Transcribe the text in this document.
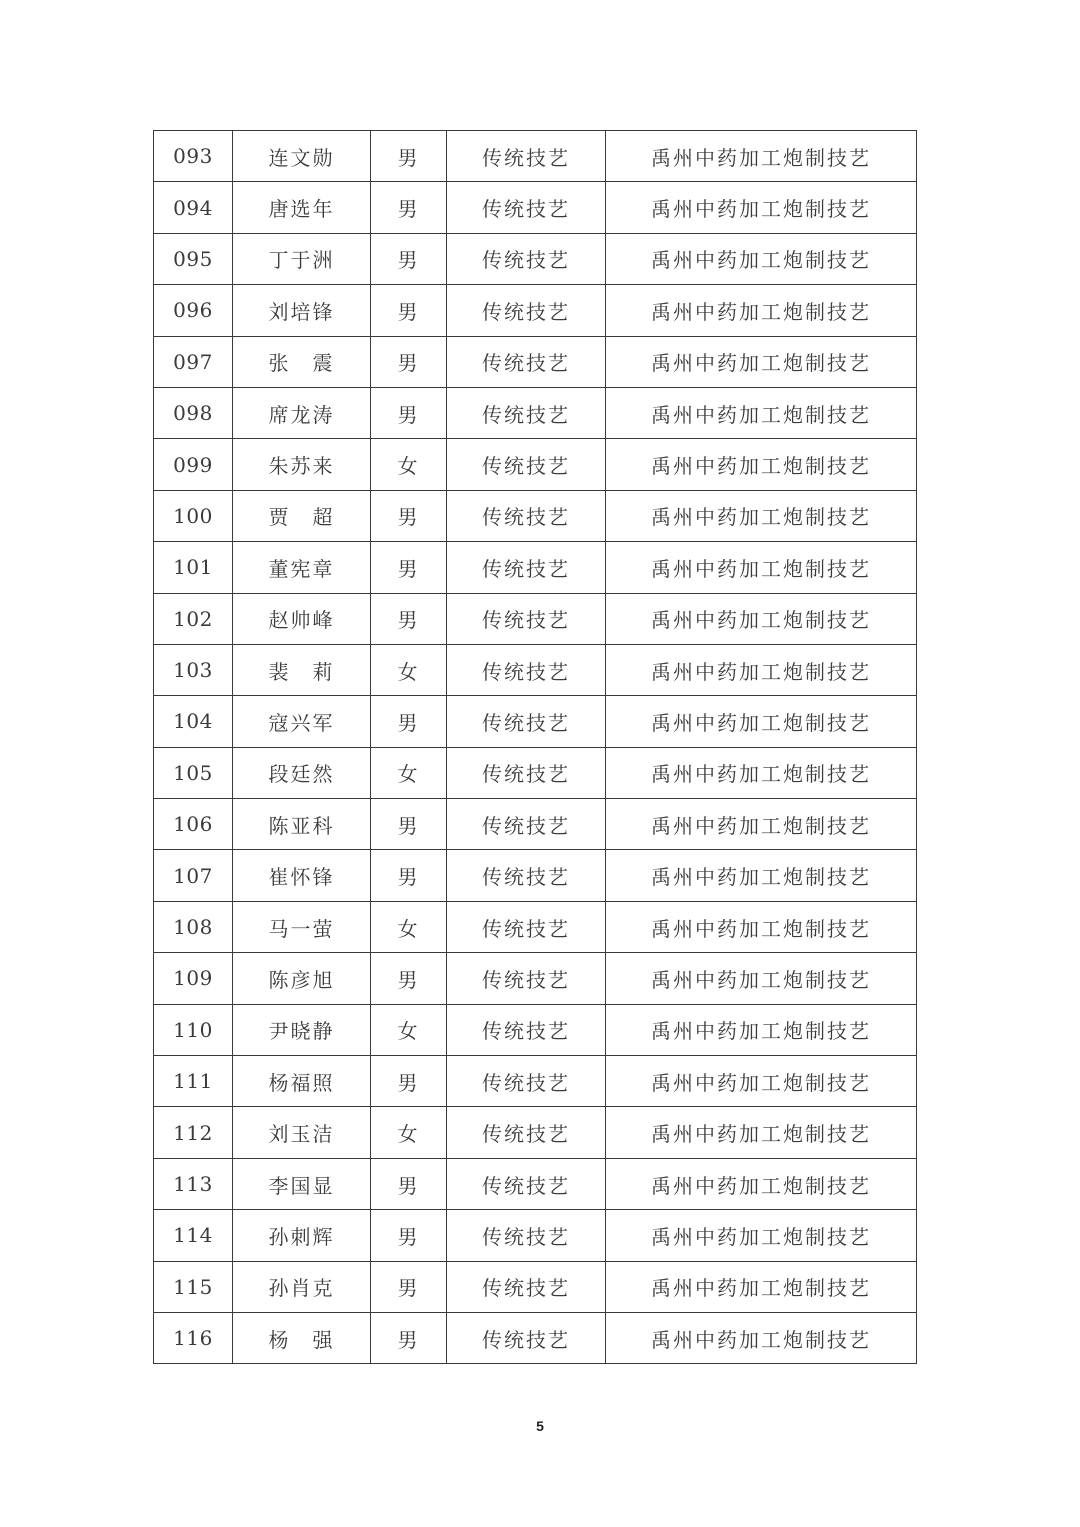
093	连文勋	男	传统技艺	禹州中药加工炮制技艺
094	唐选年	男	传统技艺	禹州中药加工炮制技艺
095	丁于洲	男	传统技艺	禹州中药加工炮制技艺
096	刘培锋	男	传统技艺	禹州中药加工炮制技艺
097	张　震	男	传统技艺	禹州中药加工炮制技艺
098	席龙涛	男	传统技艺	禹州中药加工炮制技艺
099	朱苏来	女	传统技艺	禹州中药加工炮制技艺
100	贾　超	男	传统技艺	禹州中药加工炮制技艺
101	董宪章	男	传统技艺	禹州中药加工炮制技艺
102	赵帅峰	男	传统技艺	禹州中药加工炮制技艺
103	裴　莉	女	传统技艺	禹州中药加工炮制技艺
104	寇兴军	男	传统技艺	禹州中药加工炮制技艺
105	段廷然	女	传统技艺	禹州中药加工炮制技艺
106	陈亚科	男	传统技艺	禹州中药加工炮制技艺
107	崔怀锋	男	传统技艺	禹州中药加工炮制技艺
108	马一萤	女	传统技艺	禹州中药加工炮制技艺
109	陈彦旭	男	传统技艺	禹州中药加工炮制技艺
110	尹晓静	女	传统技艺	禹州中药加工炮制技艺
111	杨福照	男	传统技艺	禹州中药加工炮制技艺
112	刘玉洁	女	传统技艺	禹州中药加工炮制技艺
113	李国显	男	传统技艺	禹州中药加工炮制技艺
114	孙刺辉	男	传统技艺	禹州中药加工炮制技艺
115	孙肖克	男	传统技艺	禹州中药加工炮制技艺
116	杨　强	男	传统技艺	禹州中药加工炮制技艺
5
